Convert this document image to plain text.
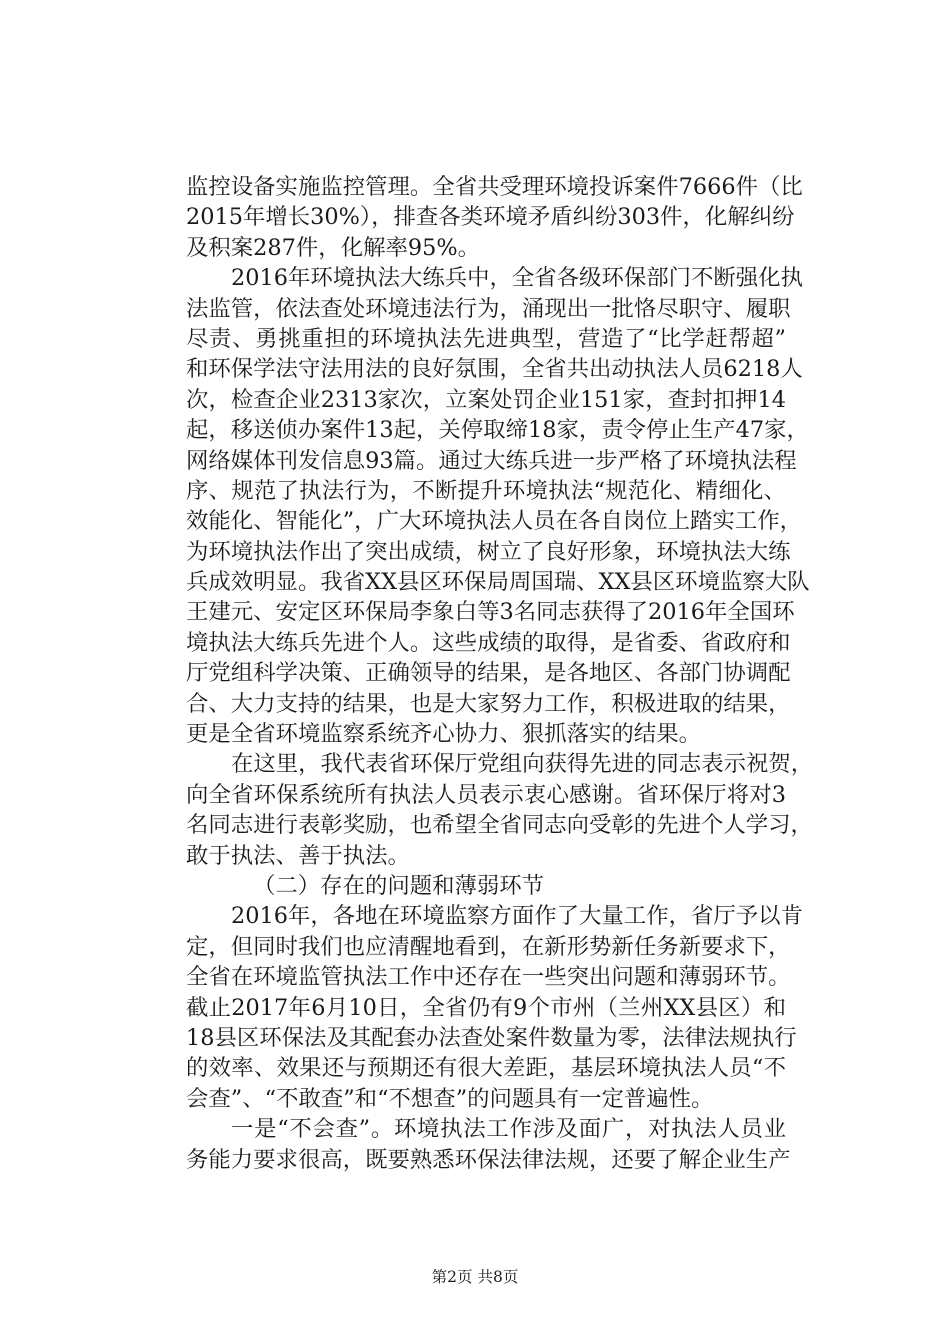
监控设备实施监控管理。全省共受理环境投诉案件7666件（比
2015年增长30%），排查各类环境矛盾纠纷303件，化解纠纷
及积案287件，化解率95%。
2016年环境执法大练兵中，全省各级环保部门不断强化执
法监管，依法查处环境违法行为，涌现出一批恪尽职守、履职
尽责、勇挑重担的环境执法先进典型，营造了“比学赶帮超”
和环保学法守法用法的良好氛围，全省共出动执法人员6218人
次，检查企业2313家次，立案处罚企业151家，查封扣押14
起，移送侦办案件13起，关停取缔18家，责令停止生产47家，
网络媒体刊发信息93篇。通过大练兵进一步严格了环境执法程
序、规范了执法行为，不断提升环境执法“规范化、精细化、
效能化、智能化”，广大环境执法人员在各自岗位上踏实工作，
为环境执法作出了突出成绩，树立了良好形象，环境执法大练
兵成效明显。我省XX县区环保局周国瑞、XX县区环境监察大队
王建元、安定区环保局李象白等3名同志获得了2016年全国环
境执法大练兵先进个人。这些成绩的取得，是省委、省政府和
厅党组科学决策、正确领导的结果，是各地区、各部门协调配
合、大力支持的结果，也是大家努力工作，积极进取的结果，
更是全省环境监察系统齐心协力、狠抓落实的结果。
在这里，我代表省环保厅党组向获得先进的同志表示祝贺，
向全省环保系统所有执法人员表示衷心感谢。省环保厅将对3
名同志进行表彰奖励，也希望全省同志向受彰的先进个人学习，
敢于执法、善于执法。
（二）存在的问题和薄弱环节
2016年，各地在环境监察方面作了大量工作，省厅予以肯
定，但同时我们也应清醒地看到，在新形势新任务新要求下，
全省在环境监管执法工作中还存在一些突出问题和薄弱环节。
截止2017年6月10日，全省仍有9个市州（兰州XX县区）和
18县区环保法及其配套办法查处案件数量为零，法律法规执行
的效率、效果还与预期还有很大差距，基层环境执法人员“不
会查”、“不敢查”和“不想查”的问题具有一定普遍性。
一是“不会查”。环境执法工作涉及面广，对执法人员业
务能力要求很高，既要熟悉环保法律法规，还要了解企业生产
第2页 共8页
